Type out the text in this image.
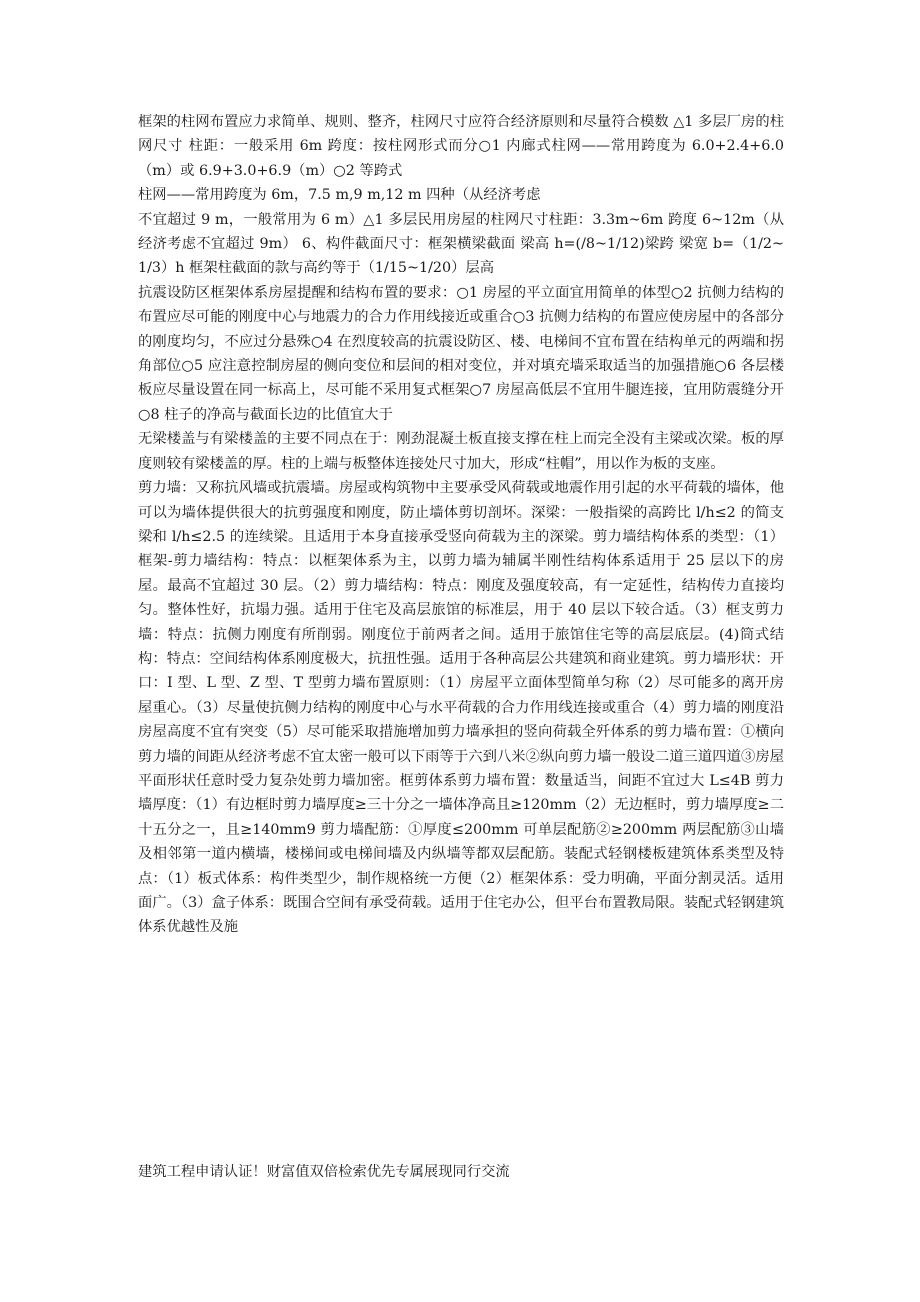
框架的柱网布置应力求简单、规则、整齐，柱网尺寸应符合经济原则和尽量符合模数 △1 多层厂房的柱网尺寸 柱距：一般采用 6m 跨度：按柱网形式而分○1 内廊式柱网——常用跨度为 6.0+2.4+6.0（m）或 6.9+3.0+6.9（m）○2 等跨式

柱网——常用跨度为 6m，7.5 m,9 m,12 m 四种（从经济考虑

不宜超过 9 m，一般常用为 6 m）△1 多层民用房屋的柱网尺寸柱距：3.3m~6m 跨度 6~12m（从经济考虑不宜超过 9m） 6、构件截面尺寸：框架横梁截面 梁高 h=(/8~1/12)梁跨 梁宽 b=（1/2~1/3）h 框架柱截面的款与高约等于（1/15~1/20）层高

抗震设防区框架体系房屋提醒和结构布置的要求：○1 房屋的平立面宜用简单的体型○2 抗侧力结构的布置应尽可能的刚度中心与地震力的合力作用线接近或重合○3 抗侧力结构的布置应使房屋中的各部分的刚度均匀，不应过分悬殊○4 在烈度较高的抗震设防区、楼、电梯间不宜布置在结构单元的两端和拐角部位○5 应注意控制房屋的侧向变位和层间的相对变位，并对填充墙采取适当的加强措施○6 各层楼板应尽量设置在同一标高上，尽可能不采用复式框架○7 房屋高低层不宜用牛腿连接，宜用防震缝分开○8 柱子的净高与截面长边的比值宜大于

无梁楼盖与有梁楼盖的主要不同点在于：刚劲混凝土板直接支撑在柱上而完全没有主梁或次梁。板的厚度则较有梁楼盖的厚。柱的上端与板整体连接处尺寸加大，形成“柱帽”，用以作为板的支座。

剪力墙：又称抗风墙或抗震墙。房屋或构筑物中主要承受风荷载或地震作用引起的水平荷载的墙体，他可以为墙体提供很大的抗剪强度和刚度，防止墙体剪切剖坏。深梁：一般指梁的高跨比 l/h≤2 的简支梁和 l/h≤2.5 的连续梁。且适用于本身直接承受竖向荷载为主的深梁。剪力墙结构体系的类型：（1）框架-剪力墙结构：特点：以框架体系为主，以剪力墙为辅属半刚性结构体系适用于 25 层以下的房屋。最高不宜超过 30 层。（2）剪力墙结构：特点：刚度及强度较高，有一定延性，结构传力直接均匀。整体性好，抗塌力强。适用于住宅及高层旅馆的标准层，用于 40 层以下较合适。（3）框支剪力墙：特点：抗侧力刚度有所削弱。刚度位于前两者之间。适用于旅馆住宅等的高层底层。(4)筒式结构：特点：空间结构体系刚度极大，抗扭性强。适用于各种高层公共建筑和商业建筑。剪力墙形状：开口：I 型、L 型、Z 型、T 型剪力墙布置原则：（1）房屋平立面体型简单匀称（2）尽可能多的离开房屋重心。（3）尽量使抗侧力结构的刚度中心与水平荷载的合力作用线连接或重合（4）剪力墙的刚度沿房屋高度不宜有突变（5）尽可能采取措施增加剪力墙承担的竖向荷载全歼体系的剪力墙布置：①横向剪力墙的间距从经济考虑不宜太密一般可以下雨等于六到八米②纵向剪力墙一般设二道三道四道③房屋平面形状任意时受力复杂处剪力墙加密。框剪体系剪力墙布置：数量适当，间距不宜过大 L≤4B 剪力墙厚度：（1）有边框时剪力墙厚度≥三十分之一墙体净高且≥120mm（2）无边框时，剪力墙厚度≥二十五分之一，且≥140mm9 剪力墙配筋：①厚度≤200mm 可单层配筋②≥200mm 两层配筋③山墙及相邻第一道内横墙，楼梯间或电梯间墙及内纵墙等都双层配筋。装配式轻钢楼板建筑体系类型及特点：（1）板式体系：构件类型少，制作规格统一方便（2）框架体系：受力明确，平面分割灵活。适用面广。（3）盒子体系：既围合空间有承受荷载。适用于住宅办公，但平台布置教局限。装配式轻钢建筑体系优越性及施

建筑工程申请认证！财富值双倍检索优先专属展现同行交流
